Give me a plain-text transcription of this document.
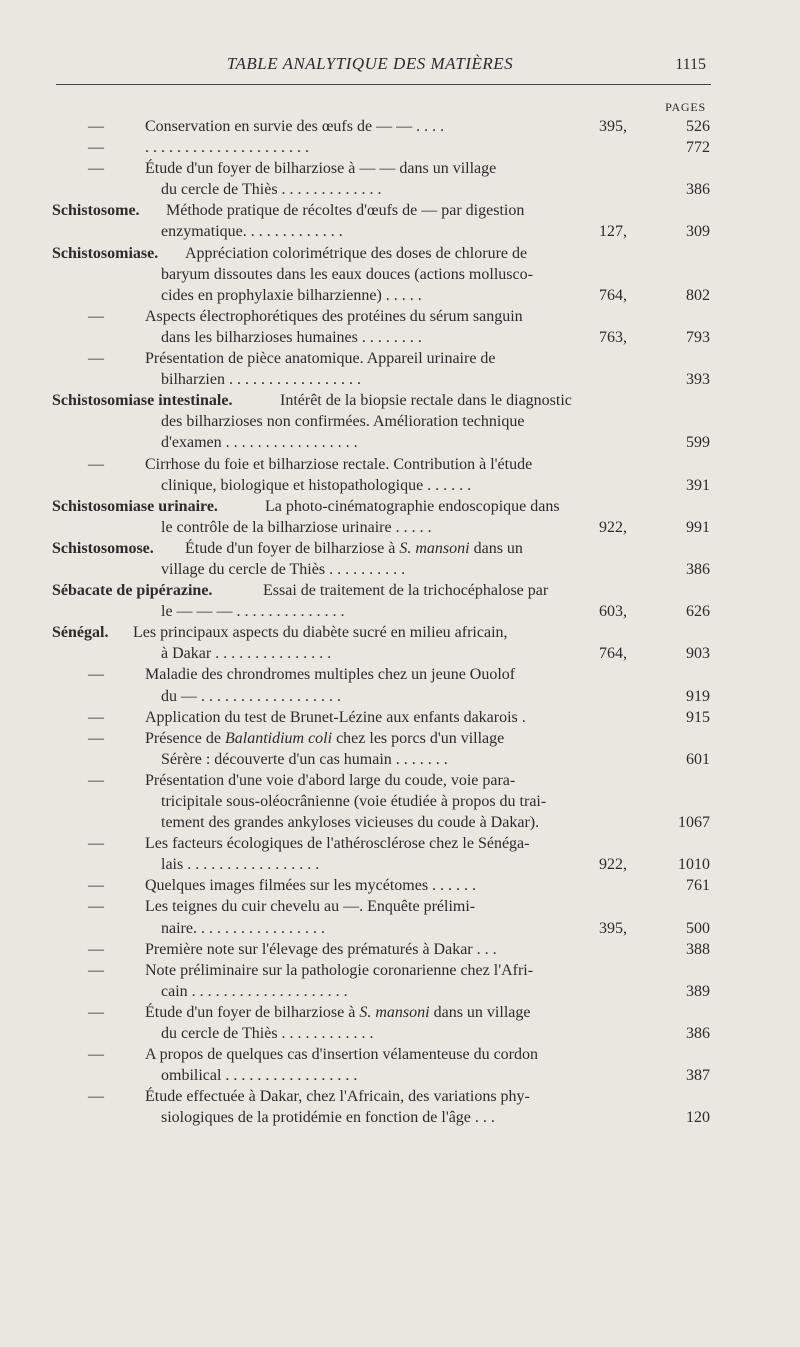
TABLE ANALYTIQUE DES MATIÈRES	1115
PAGES
—	Conservation en survie des œufs de — — . . . .	395,	526
—	. . . . . . . . . . . . . . . . . . . . .	772
—	Étude d'un foyer de bilharziose à — — dans un village
du cercle de Thiès . . . . . . . . . . . . .	386
Schistosome. Méthode pratique de récoltes d'œufs de — par digestion
enzymatique. . . . . . . . . . . . .	127,	309
Schistosomiase. Appréciation colorimétrique des doses de chlorure de
baryum dissoutes dans les eaux douces (actions mollusco-
cides en prophylaxie bilharzienne) . . . . .	764,	802
—	Aspects électrophorétiques des protéines du sérum sanguin
dans les bilharzioses humaines . . . . . . . .	763,	793
—	Présentation de pièce anatomique. Appareil urinaire de
bilharzien . . . . . . . . . . . . . . . . .	393
Schistosomiase intestinale.	Intérêt de la biopsie rectale dans le diagnostic
des bilharzioses non confirmées. Amélioration technique
d'examen . . . . . . . . . . . . . . . . .	599
—	Cirrhose du foie et bilharziose rectale. Contribution à l'étude
clinique, biologique et histopathologique . . . . . .	391
Schistosomiase urinaire.	La photo-cinématographie endoscopique dans
le contrôle de la bilharziose urinaire . . . . .	922,	991
Schistosomose. Étude d'un foyer de bilharziose à S. mansoni dans un
village du cercle de Thiès . . . . . . . . . .	386
Sébacate de pipérazine.	Essai de traitement de la trichocéphalose par
le — — — . . . . . . . . . . . . . .	603,	626
Sénégal. Les principaux aspects du diabète sucré en milieu africain,
à Dakar . . . . . . . . . . . . . . .	764,	903
—	Maladie des chrondromes multiples chez un jeune Ouolof
du — . . . . . . . . . . . . . . . . . .	919
—	Application du test de Brunet-Lézine aux enfants dakarois .	915
—	Présence de Balantidium coli chez les porcs d'un village
Sérère : découverte d'un cas humain . . . . . . .	601
—	Présentation d'une voie d'abord large du coude, voie para-
tricipitale sous-oléocrânienne (voie étudiée à propos du trai-
tement des grandes ankyloses vicieuses du coude à Dakar).	1067
—	Les facteurs écologiques de l'athérosclérose chez le Sénéga-
lais . . . . . . . . . . . . . . . . .	922,	1010
—	Quelques images filmées sur les mycétomes . . . . . .	761
—	Les teignes du cuir chevelu au —. Enquête prélimi-
naire. . . . . . . . . . . . . . . . .	395,	500
—	Première note sur l'élevage des prématurés à Dakar . . .	388
—	Note préliminaire sur la pathologie coronarienne chez l'Afri-
cain . . . . . . . . . . . . . . . . . . . .	389
—	Étude d'un foyer de bilharziose à S. mansoni dans un village
du cercle de Thiès . . . . . . . . . . . .	386
—	A propos de quelques cas d'insertion vélamenteuse du cordon
ombilical . . . . . . . . . . . . . . . . .	387
—	Étude effectuée à Dakar, chez l'Africain, des variations phy-
siologiques de la protidémie en fonction de l'âge . . .	120
